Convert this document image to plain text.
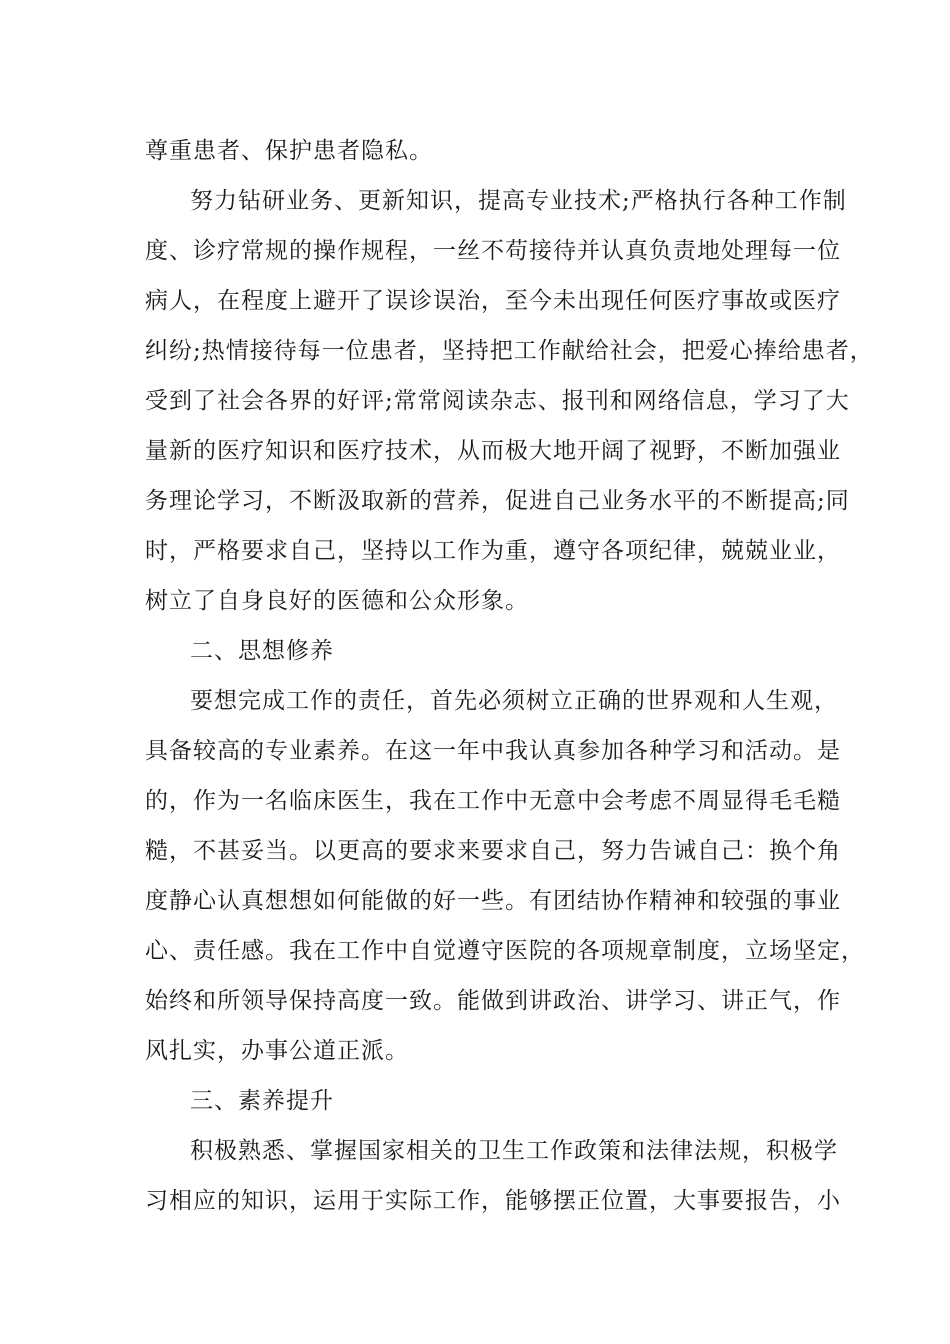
尊重患者、保护患者隐私。
努力钻研业务、更新知识，提高专业技术;严格执行各种工作制
度、诊疗常规的操作规程，一丝不苟接待并认真负责地处理每一位
病人，在程度上避开了误诊误治，至今未出现任何医疗事故或医疗
纠纷;热情接待每一位患者，坚持把工作献给社会，把爱心捧给患者，
受到了社会各界的好评;常常阅读杂志、报刊和网络信息，学习了大
量新的医疗知识和医疗技术，从而极大地开阔了视野，不断加强业
务理论学习，不断汲取新的营养，促进自己业务水平的不断提高;同
时，严格要求自己，坚持以工作为重，遵守各项纪律，兢兢业业，
树立了自身良好的医德和公众形象。
二、思想修养
要想完成工作的责任，首先必须树立正确的世界观和人生观，
具备较高的专业素养。在这一年中我认真参加各种学习和活动。是
的，作为一名临床医生，我在工作中无意中会考虑不周显得毛毛糙
糙，不甚妥当。以更高的要求来要求自己，努力告诫自己：换个角
度静心认真想想如何能做的好一些。有团结协作精神和较强的事业
心、责任感。我在工作中自觉遵守医院的各项规章制度，立场坚定，
始终和所领导保持高度一致。能做到讲政治、讲学习、讲正气，作
风扎实，办事公道正派。
三、素养提升
积极熟悉、掌握国家相关的卫生工作政策和法律法规，积极学
习相应的知识，运用于实际工作，能够摆正位置，大事要报告，小
